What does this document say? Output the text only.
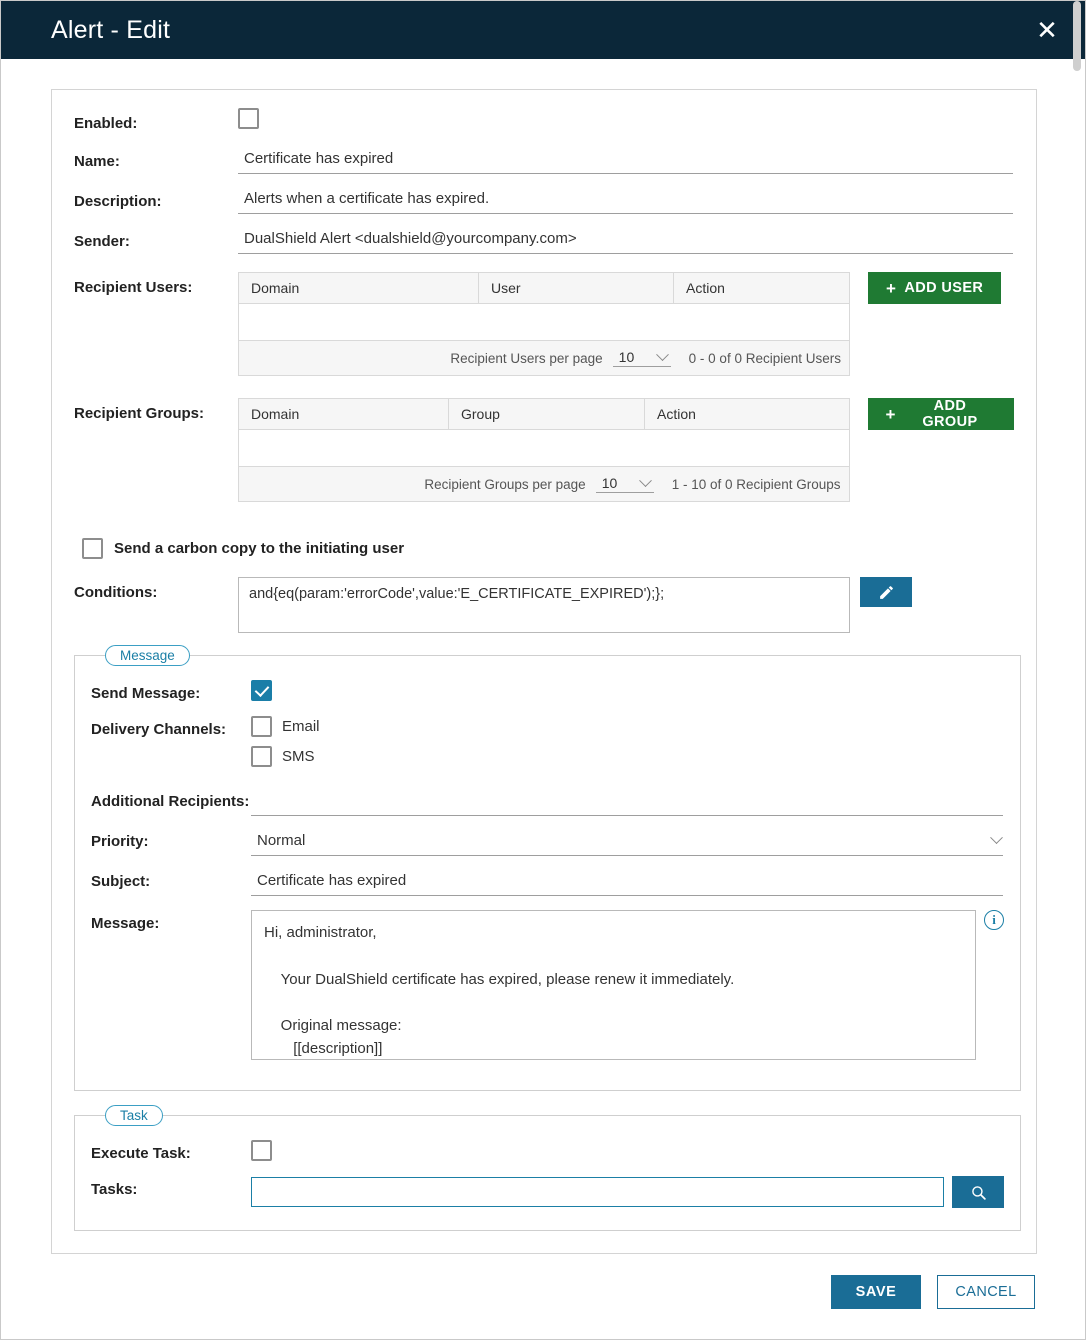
Alert - Edit	✕
Enabled:
Name:
Certificate has expired
Description:
Alerts when a certificate has expired.
Sender:
DualShield Alert <dualshield@yourcompany.com>
Recipient Users:	Domain	User	Action
Recipient Users per page 10	0 - 0 of 0 Recipient Users
+ ADD USER
Recipient Groups:	Domain	Group	Action
Recipient Groups per page 10	1 - 10 of 0 Recipient Groups
+	ADD GROUP
Send a carbon copy to the initiating user
Conditions:
and{eq(param:'errorCode',value:'E_CERTIFICATE_EXPIRED');};
Message
Send Message:
Delivery Channels:	Email
SMS
Additional Recipients:
Priority:	Normal
Subject:
Certificate has expired
Message:
Hi, administrator, Your DualShield certificate has expired, please renew it immediately. Original message: [[description]]	i
Task
Execute Task:
Tasks:
SAVE	CANCEL
